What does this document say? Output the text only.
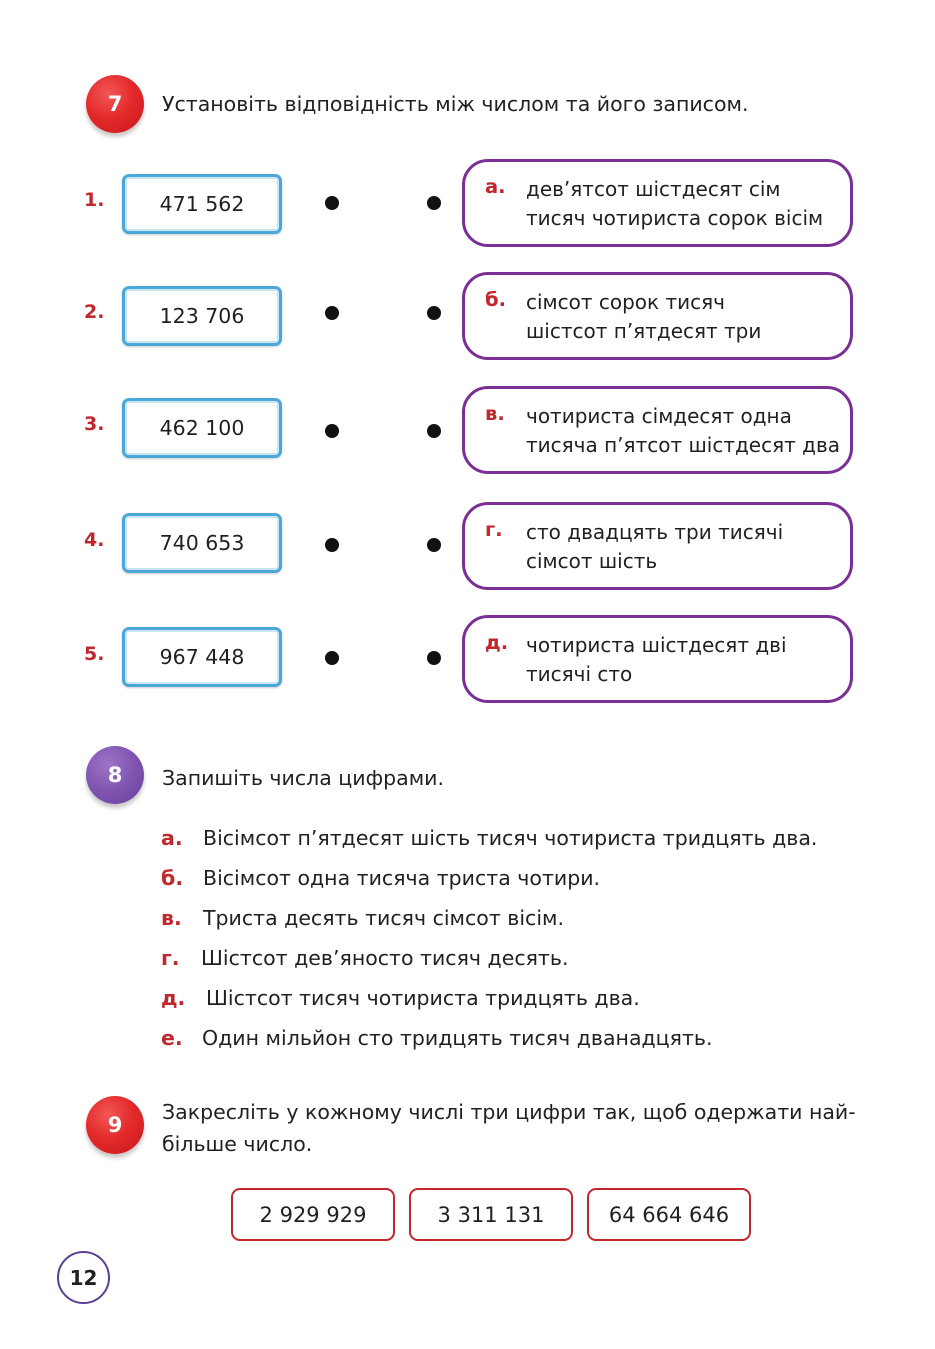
7 Установіть відповідність між числом та його записом.
1.	471 562
а. дев’ятсот шістдесят сім
тисяч чотириста сорок вісім
2.	123 706
б. сімсот сорок тисяч
шістсот п’ятдесят три
3.	462 100
в. чотириста сімдесят одна
тисяча п’ятсот шістдесят два
4.	740 653
г. сто двадцять три тисячі
сімсот шість
5.	967 448
д. чотириста шістдесят дві
тисячі сто
8 Запишіть числа цифрами.
а. Вісімсот п’ятдесят шість тисяч чотириста тридцять два.
б. Вісімсот одна тисяча триста чотири.
в. Триста десять тисяч сімсот вісім.
г. Шістсот дев’яносто тисяч десять.
д. Шістсот тисяч чотириста тридцять два.
е. Один мільйон сто тридцять тисяч дванадцять.
9
Закресліть у кожному числі три цифри так, щоб одержати най-
більше число.
2 929 929	3 311 131	64 664 646
12
